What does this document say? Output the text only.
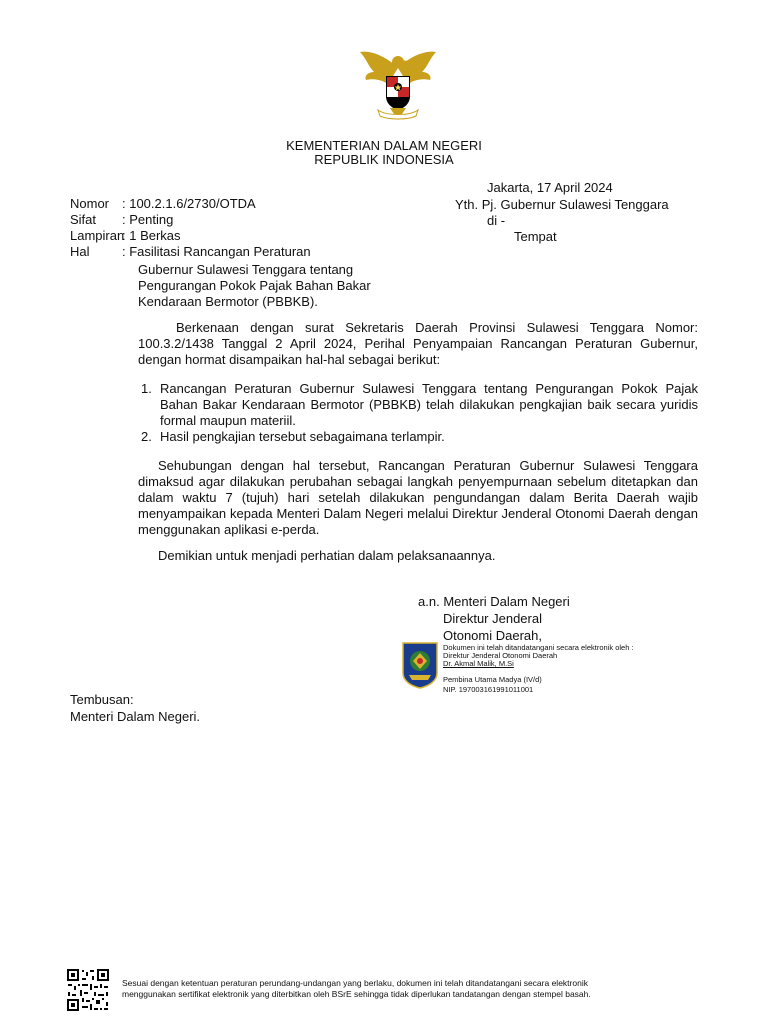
KEMENTERIAN DALAM NEGERI
REPUBLIK INDONESIA
Jakarta, 17 April 2024
Yth. Pj. Gubernur Sulawesi Tenggara
di -
Tempat
Nomor : 100.2.1.6/2730/OTDA
Sifat	: Penting
Lampiran
: 1 Berkas
Hal	: Fasilitasi Rancangan Peraturan
Gubernur Sulawesi Tenggara tentang
Pengurangan Pokok Pajak Bahan Bakar
Kendaraan Bermotor (PBBKB).
Berkenaan dengan surat Sekretaris Daerah Provinsi Sulawesi Tenggara Nomor: 100.3.2/1438 Tanggal 2 April 2024, Perihal Penyampaian Rancangan Peraturan Gubernur, dengan hormat disampaikan hal-hal sebagai berikut:
1. Rancangan Peraturan Gubernur Sulawesi Tenggara tentang Pengurangan Pokok Pajak Bahan Bakar Kendaraan Bermotor (PBBKB) telah dilakukan pengkajian baik secara yuridis formal maupun materiil.
2. Hasil pengkajian tersebut sebagaimana terlampir.
Sehubungan dengan hal tersebut, Rancangan Peraturan Gubernur Sulawesi Tenggara dimaksud agar dilakukan perubahan sebagai langkah penyempurnaan sebelum ditetapkan dan dalam waktu 7 (tujuh) hari setelah dilakukan pengundangan dalam Berita Daerah wajib menyampaikan kepada Menteri Dalam Negeri melalui Direktur Jenderal Otonomi Daerah dengan menggunakan aplikasi e-perda.
Demikian untuk menjadi perhatian dalam pelaksanaannya.
a.n. Menteri Dalam Negeri
Direktur Jenderal
Otonomi Daerah,
Dokumen ini telah ditandatangani secara elektronik oleh :
Direktur Jenderal Otonomi Daerah
Dr. Akmal Malik, M.Si
Pembina Utama Madya (IV/d)
NIP. 197003161991011001
Tembusan:
Menteri Dalam Negeri.
Sesuai dengan ketentuan peraturan perundang-undangan yang berlaku, dokumen ini telah ditandatangani secara elektronik
menggunakan sertifikat elektronik yang diterbitkan oleh BSrE sehingga tidak diperlukan tandatangan dengan stempel basah.
